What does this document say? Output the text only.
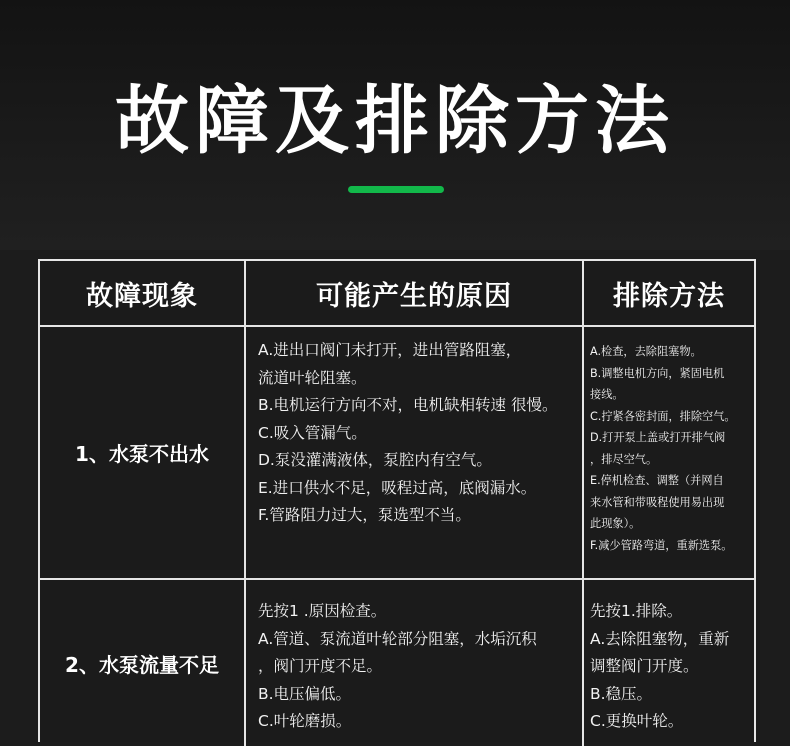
故障及排除方法
故障现象	可能产生的原因	排除方法
1、水泵不出水
A.进出口阀门未打开，进出管路阻塞，
流道叶轮阻塞。
B.电机运行方向不对，电机缺相转速 很慢。
C.吸入管漏气。
D.泵没灌满液体，泵腔内有空气。
E.进口供水不足，吸程过高，底阀漏水。
F.管路阻力过大，泵选型不当。
A.检查，去除阻塞物。
B.调整电机方向，紧固电机
接线。
C.拧紧各密封面，排除空气。
D.打开泵上盖或打开排气阀
，排尽空气。
E.停机检查、调整（并网自
来水管和带吸程使用易出现
此现象）。
F.减少管路弯道，重新选泵。
2、水泵流量不足
先按1 .原因检查。
A.管道、泵流道叶轮部分阻塞，水垢沉积
，阀门开度不足。
B.电压偏低。
C.叶轮磨损。
先按1.排除。
A.去除阻塞物，重新
调整阀门开度。
B.稳压。
C.更换叶轮。
